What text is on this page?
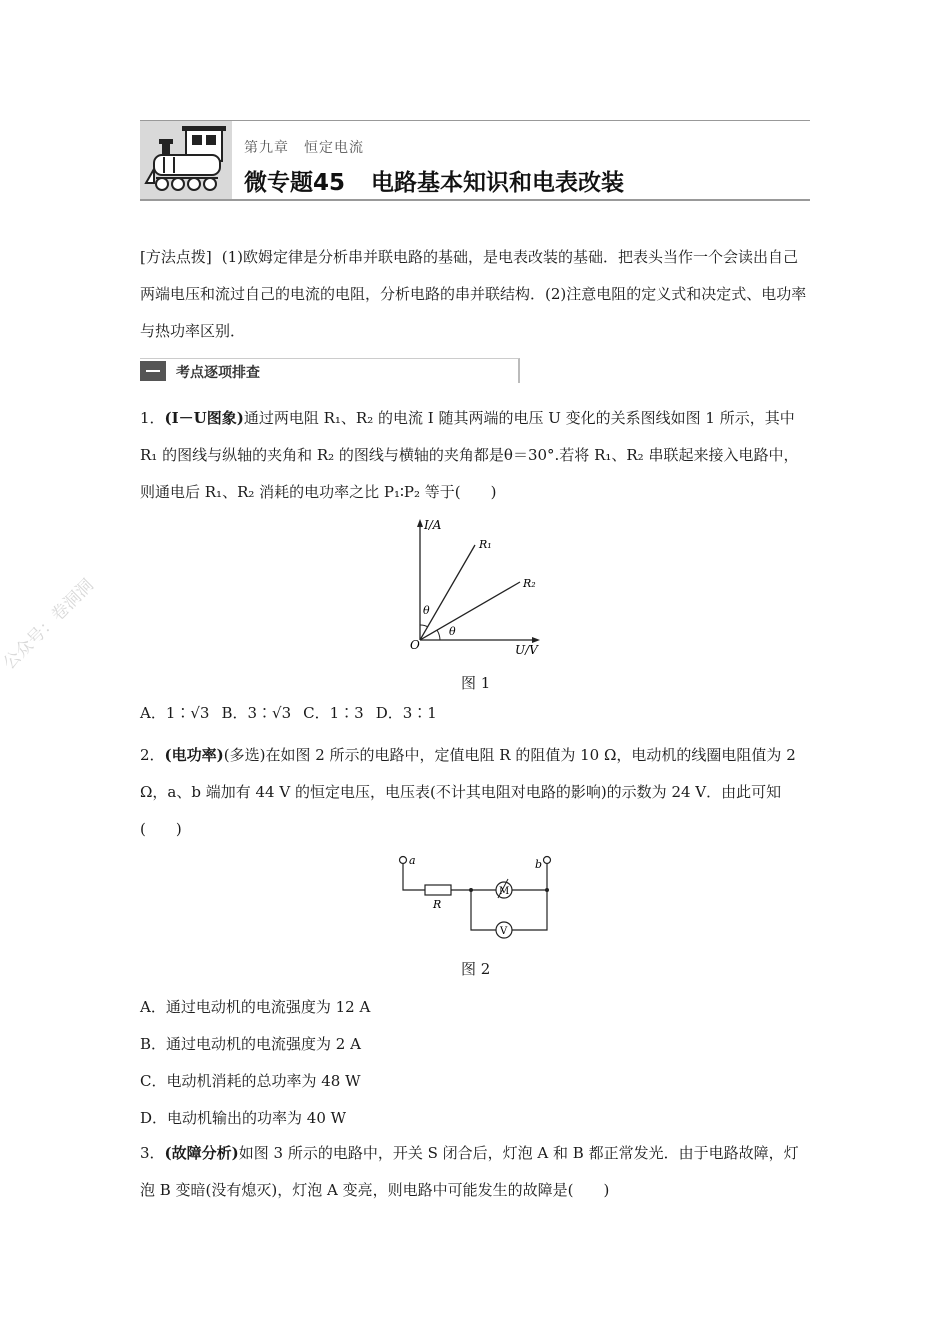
第九章　恒定电流
微专题45 电路基本知识和电表改装
[方法点拨] (1)欧姆定律是分析串并联电路的基础，是电表改装的基础．把表头当作一个会读出自己两端电压和流过自己的电流的电阻，分析电路的串并联结构．(2)注意电阻的定义式和决定式、电功率与热功率区别．
考点逐项排查
1．(I－U图象)通过两电阻 R₁、R₂ 的电流 I 随其两端的电压 U 变化的关系图线如图 1 所示，其中 R₁ 的图线与纵轴的夹角和 R₂ 的图线与横轴的夹角都是θ＝30°.若将 R₁、R₂ 串联起来接入电路中，则通电后 R₁、R₂ 消耗的电功率之比 P₁∶P₂ 等于(　　)
I/A
U/V
O
R₁
R₂
θ
θ
图 1
A．1∶√3 B．3∶√3 C．1∶3 D．3∶1
2．(电功率)(多选)在如图 2 所示的电路中，定值电阻 R 的阻值为 10 Ω，电动机的线圈电阻值为 2 Ω，a、b 端加有 44 V 的恒定电压，电压表(不计其电阻对电路的影响)的示数为 24 V．由此可知(　　)
a	b
R
M
V
图 2
A．通过电动机的电流强度为 12 A
B．通过电动机的电流强度为 2 A
C．电动机消耗的总功率为 48 W
D．电动机输出的功率为 40 W
3．(故障分析)如图 3 所示的电路中，开关 S 闭合后，灯泡 A 和 B 都正常发光．由于电路故障，灯泡 B 变暗(没有熄灭)，灯泡 A 变亮，则电路中可能发生的故障是(　　)
公众号：卷洞洞
